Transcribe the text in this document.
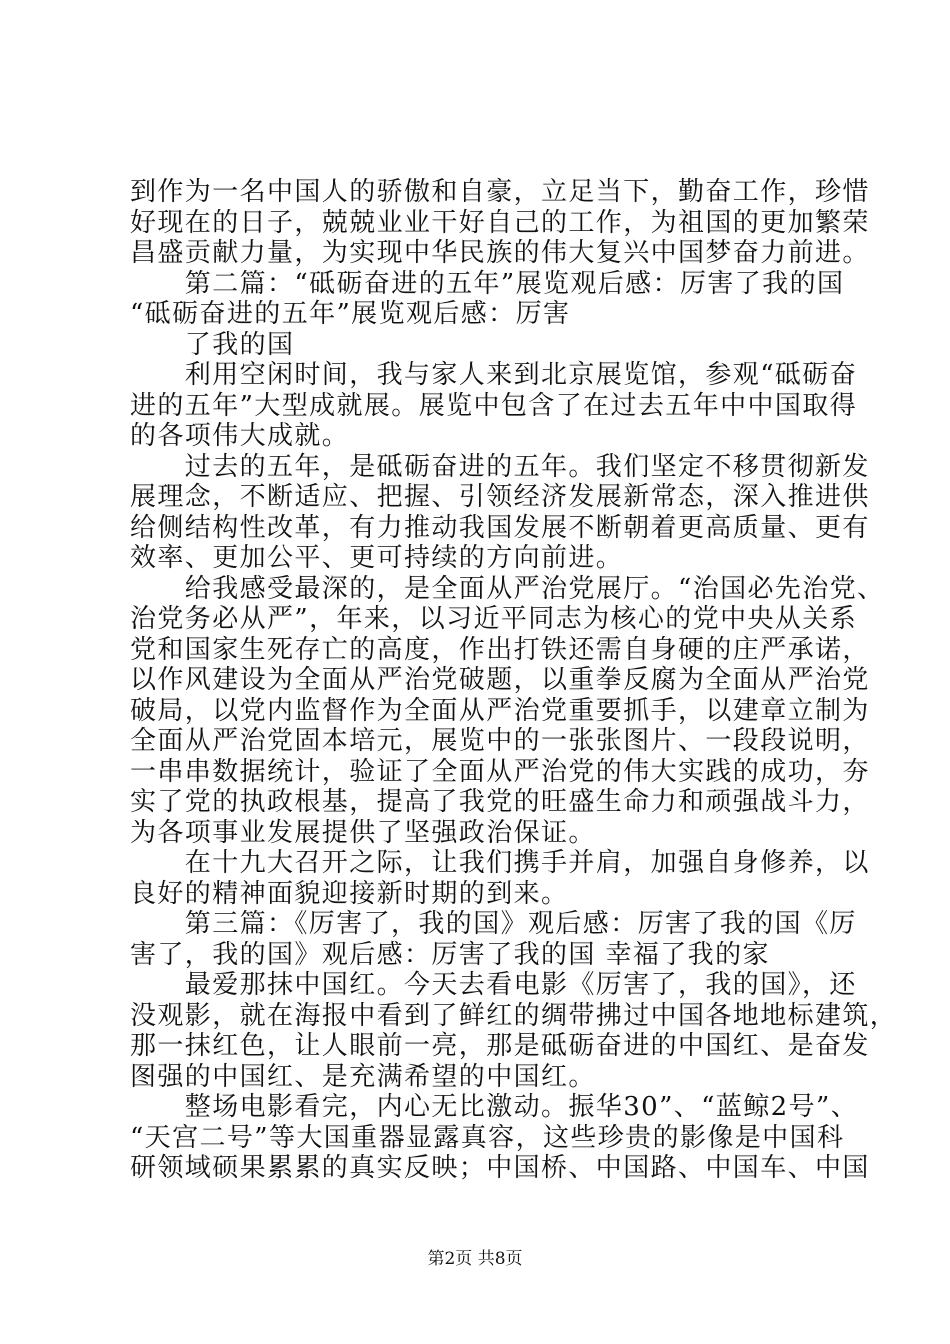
到作为一名中国人的骄傲和自豪，立足当下，勤奋工作，珍惜
好现在的日子，兢兢业业干好自己的工作，为祖国的更加繁荣
昌盛贡献力量，为实现中华民族的伟大复兴中国梦奋力前进。
　　第二篇：“砥砺奋进的五年”展览观后感：厉害了我的国
“砥砺奋进的五年”展览观后感：厉害
　　了我的国
　　利用空闲时间，我与家人来到北京展览馆，参观“砥砺奋
进的五年”大型成就展。展览中包含了在过去五年中中国取得
的各项伟大成就。
　　过去的五年，是砥砺奋进的五年。我们坚定不移贯彻新发
展理念，不断适应、把握、引领经济发展新常态，深入推进供
给侧结构性改革，有力推动我国发展不断朝着更高质量、更有
效率、更加公平、更可持续的方向前进。
　　给我感受最深的，是全面从严治党展厅。“治国必先治党、
治党务必从严”，年来，以习近平同志为核心的党中央从关系
党和国家生死存亡的高度，作出打铁还需自身硬的庄严承诺，
以作风建设为全面从严治党破题，以重拳反腐为全面从严治党
破局，以党内监督作为全面从严治党重要抓手，以建章立制为
全面从严治党固本培元，展览中的一张张图片、一段段说明，
一串串数据统计，验证了全面从严治党的伟大实践的成功，夯
实了党的执政根基，提高了我党的旺盛生命力和顽强战斗力，
为各项事业发展提供了坚强政治保证。
　　在十九大召开之际，让我们携手并肩，加强自身修养，以
良好的精神面貌迎接新时期的到来。
　　第三篇：《厉害了，我的国》观后感：厉害了我的国《厉
害了，我的国》观后感：厉害了我的国 幸福了我的家
　　最爱那抹中国红。今天去看电影《厉害了，我的国》，还
没观影，就在海报中看到了鲜红的绸带拂过中国各地地标建筑，
那一抹红色，让人眼前一亮，那是砥砺奋进的中国红、是奋发
图强的中国红、是充满希望的中国红。
　　整场电影看完，内心无比激动。振华30”、“蓝鲸2号”、
“天宫二号”等大国重器显露真容，这些珍贵的影像是中国科
研领域硕果累累的真实反映；中国桥、中国路、中国车、中国
第2页 共8页
